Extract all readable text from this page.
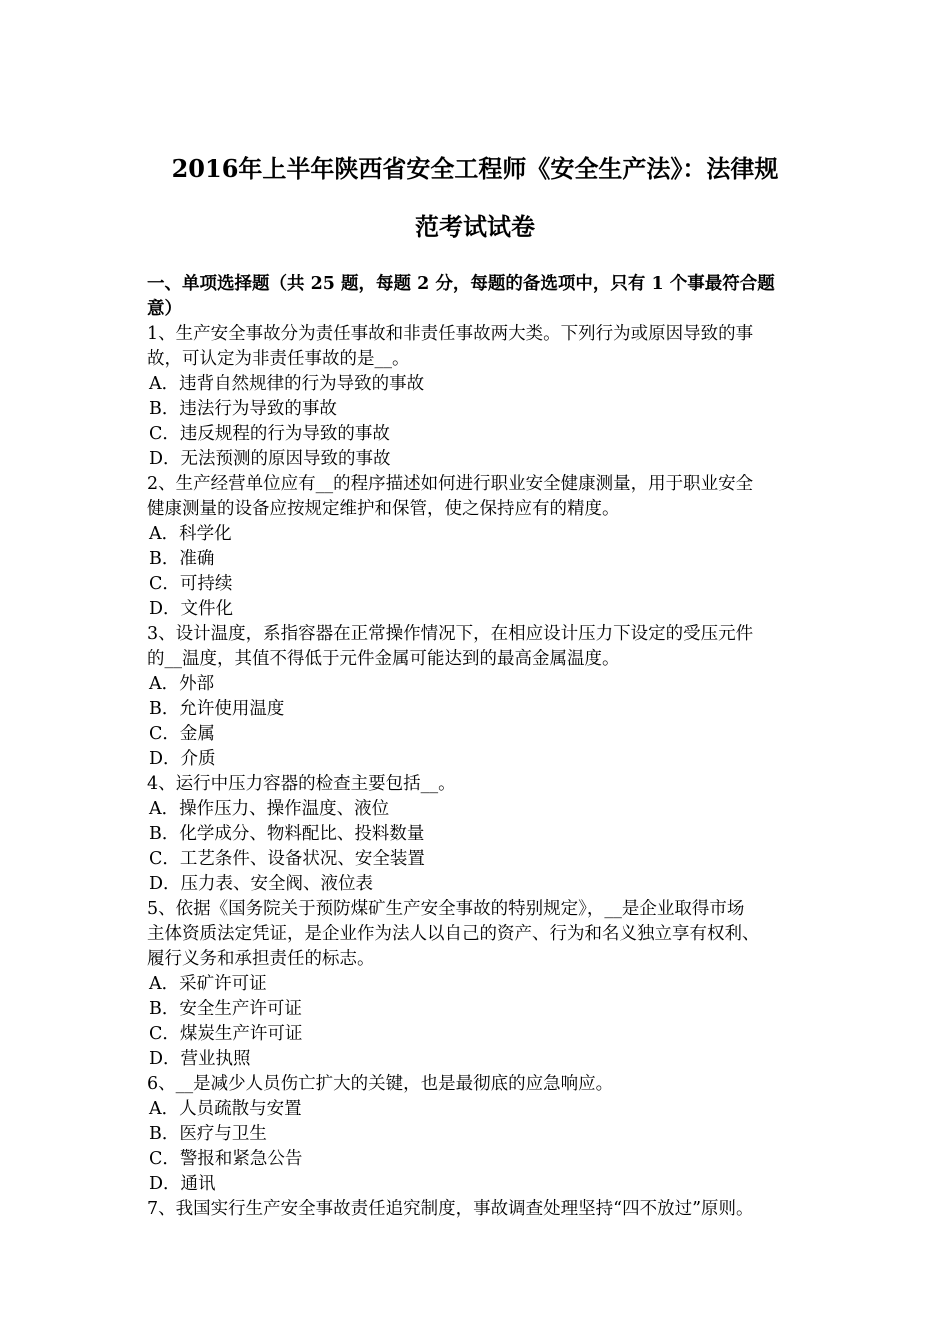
2016年上半年陕西省安全工程师《安全生产法》：法律规
范考试试卷
一、单项选择题（共 25 题，每题 2 分，每题的备选项中，只有 1 个事最符合题
意）
1、生产安全事故分为责任事故和非责任事故两大类。下列行为或原因导致的事
故，可认定为非责任事故的是__。
A．违背自然规律的行为导致的事故
B．违法行为导致的事故
C．违反规程的行为导致的事故
D．无法预测的原因导致的事故
2、生产经营单位应有__的程序描述如何进行职业安全健康测量，用于职业安全
健康测量的设备应按规定维护和保管，使之保持应有的精度。
A．科学化
B．准确
C．可持续
D．文件化
3、设计温度，系指容器在正常操作情况下，在相应设计压力下设定的受压元件
的__温度，其值不得低于元件金属可能达到的最高金属温度。
A．外部
B．允许使用温度
C．金属
D．介质
4、运行中压力容器的检查主要包括__。
A．操作压力、操作温度、液位
B．化学成分、物料配比、投料数量
C．工艺条件、设备状况、安全装置
D．压力表、安全阀、液位表
5、依据《国务院关于预防煤矿生产安全事故的特别规定》，__是企业取得市场
主体资质法定凭证，是企业作为法人以自己的资产、行为和名义独立享有权利、
履行义务和承担责任的标志。
A．采矿许可证
B．安全生产许可证
C．煤炭生产许可证
D．营业执照
6、__是减少人员伤亡扩大的关键，也是最彻底的应急响应。
A．人员疏散与安置
B．医疗与卫生
C．警报和紧急公告
D．通讯
7、我国实行生产安全事故责任追究制度，事故调查处理坚持“四不放过”原则。
